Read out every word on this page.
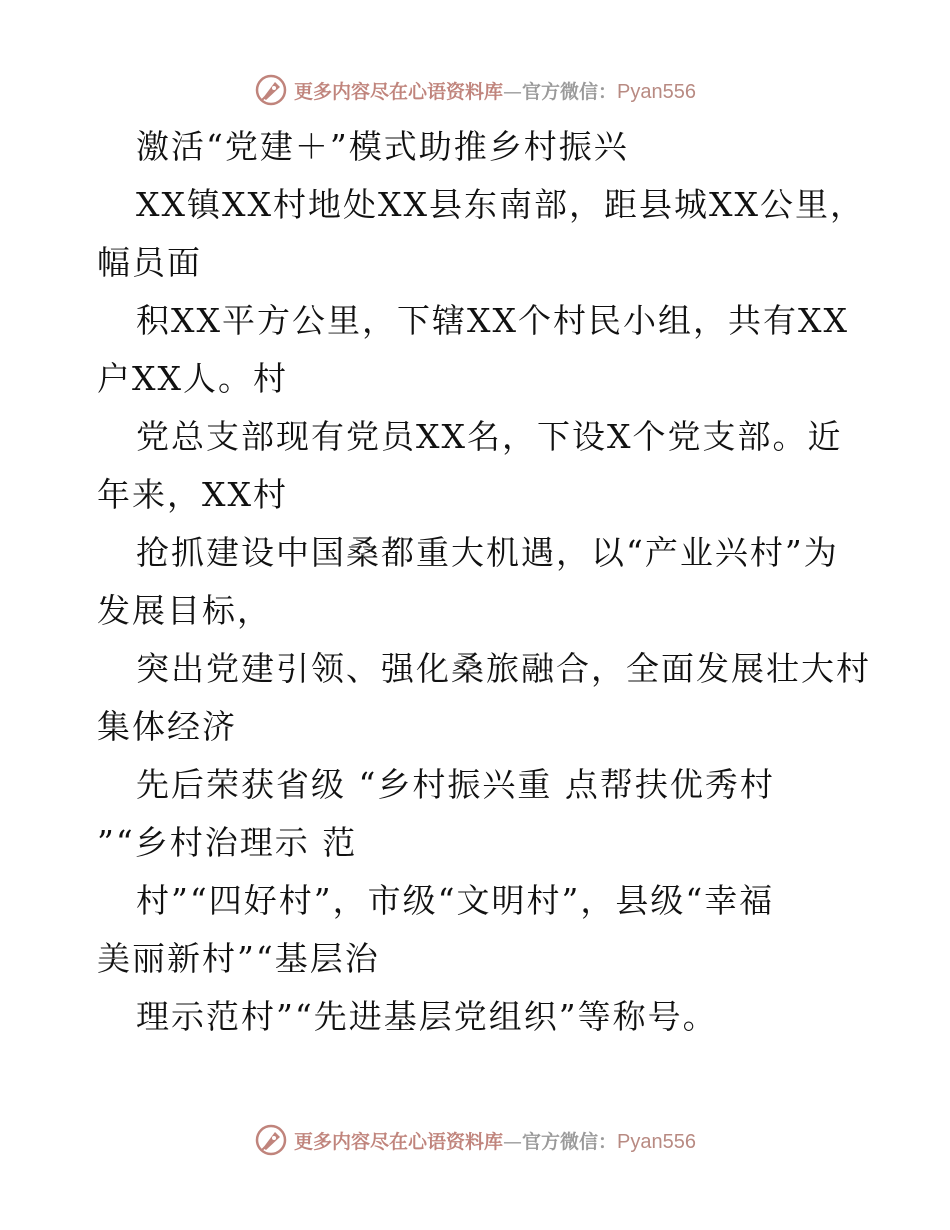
更多内容尽在心语资料库—官方微信：Pyan556
激活“党建＋”模式助推乡村振兴
XX镇XX村地处XX县东南部，距县城XX公里，
幅员面
积XX平方公里，下辖XX个村民小组，共有XX
户XX人。村
党总支部现有党员XX名，下设X个党支部。近
年来，XX村
抢抓建设中国桑都重大机遇，以“产业兴村”为
发展目标，
突出党建引领、强化桑旅融合，全面发展壮大村
集体经济
先后荣获省级 “乡村振兴重 点帮扶优秀村
”“乡村治理示 范
村”“四好村”，市级“文明村”，县级“幸福
美丽新村”“基层治
理示范村”“先进基层党组织”等称号。
更多内容尽在心语资料库—官方微信：Pyan556
